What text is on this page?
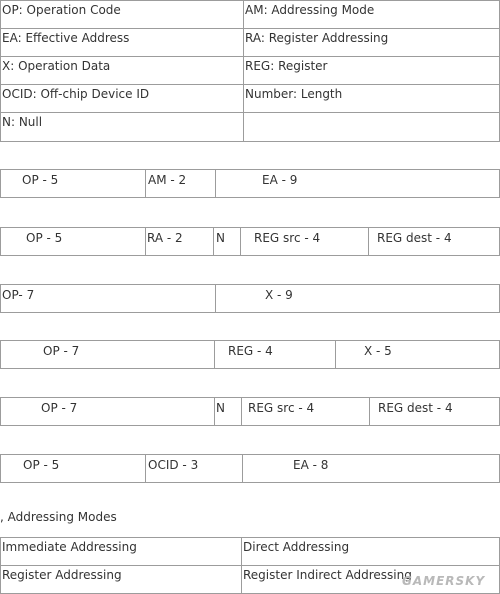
OP: Operation Code	AM: Addressing Mode
EA: Effective Address	RA: Register Addressing
X: Operation Data	REG: Register
OCID: Off-chip Device ID	Number: Length
N: Null
OP - 5	AM - 2	EA - 9
OP - 5	RA - 2	N	REG src - 4	REG dest - 4
OP- 7	X - 9
OP - 7	REG - 4	X - 5
OP - 7	N	REG src - 4	REG dest - 4
OP - 5	OCID - 3	EA - 8
, Addressing Modes
Immediate Addressing	Direct Addressing
Register Addressing	Register Indirect Addressing
GAMERSKY
